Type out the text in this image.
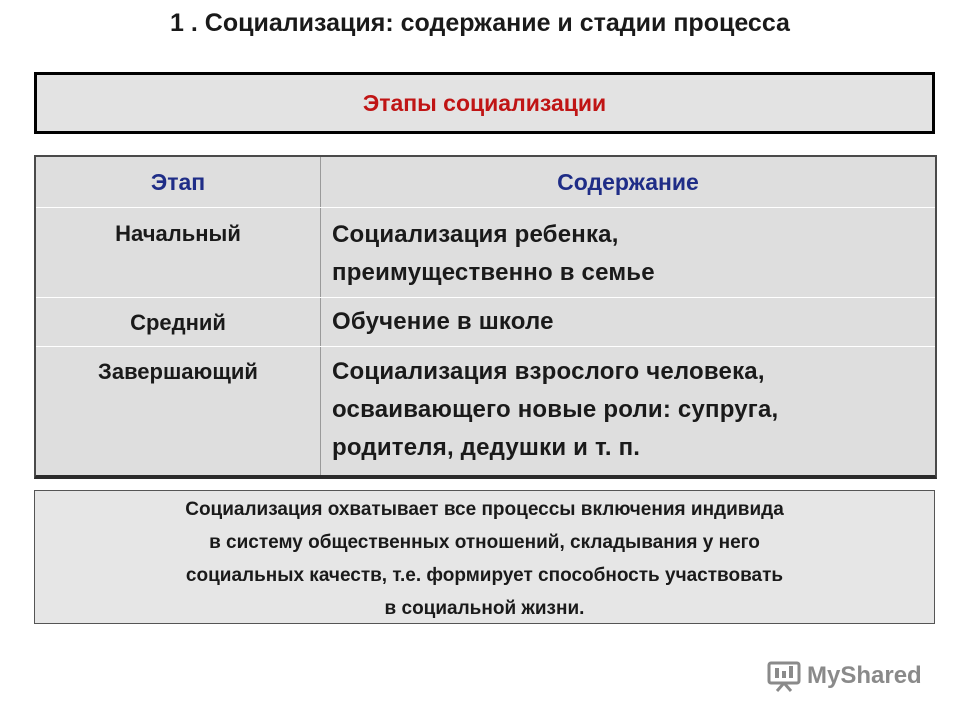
1 . Социализация: содержание и стадии процесса
Этапы социализации
Этап	Содержание
Начальный	Социализация ребенка,
преимущественно в семье
Средний	Обучение в школе
Завершающий	Социализация взрослого человека,
осваивающего новые роли: супруга,
родителя, дедушки и т. п.
Социализация охватывает все процессы включения индивида
в систему общественных отношений, складывания у него
социальных качеств, т.е. формирует способность участвовать
в социальной жизни.
MyShared
